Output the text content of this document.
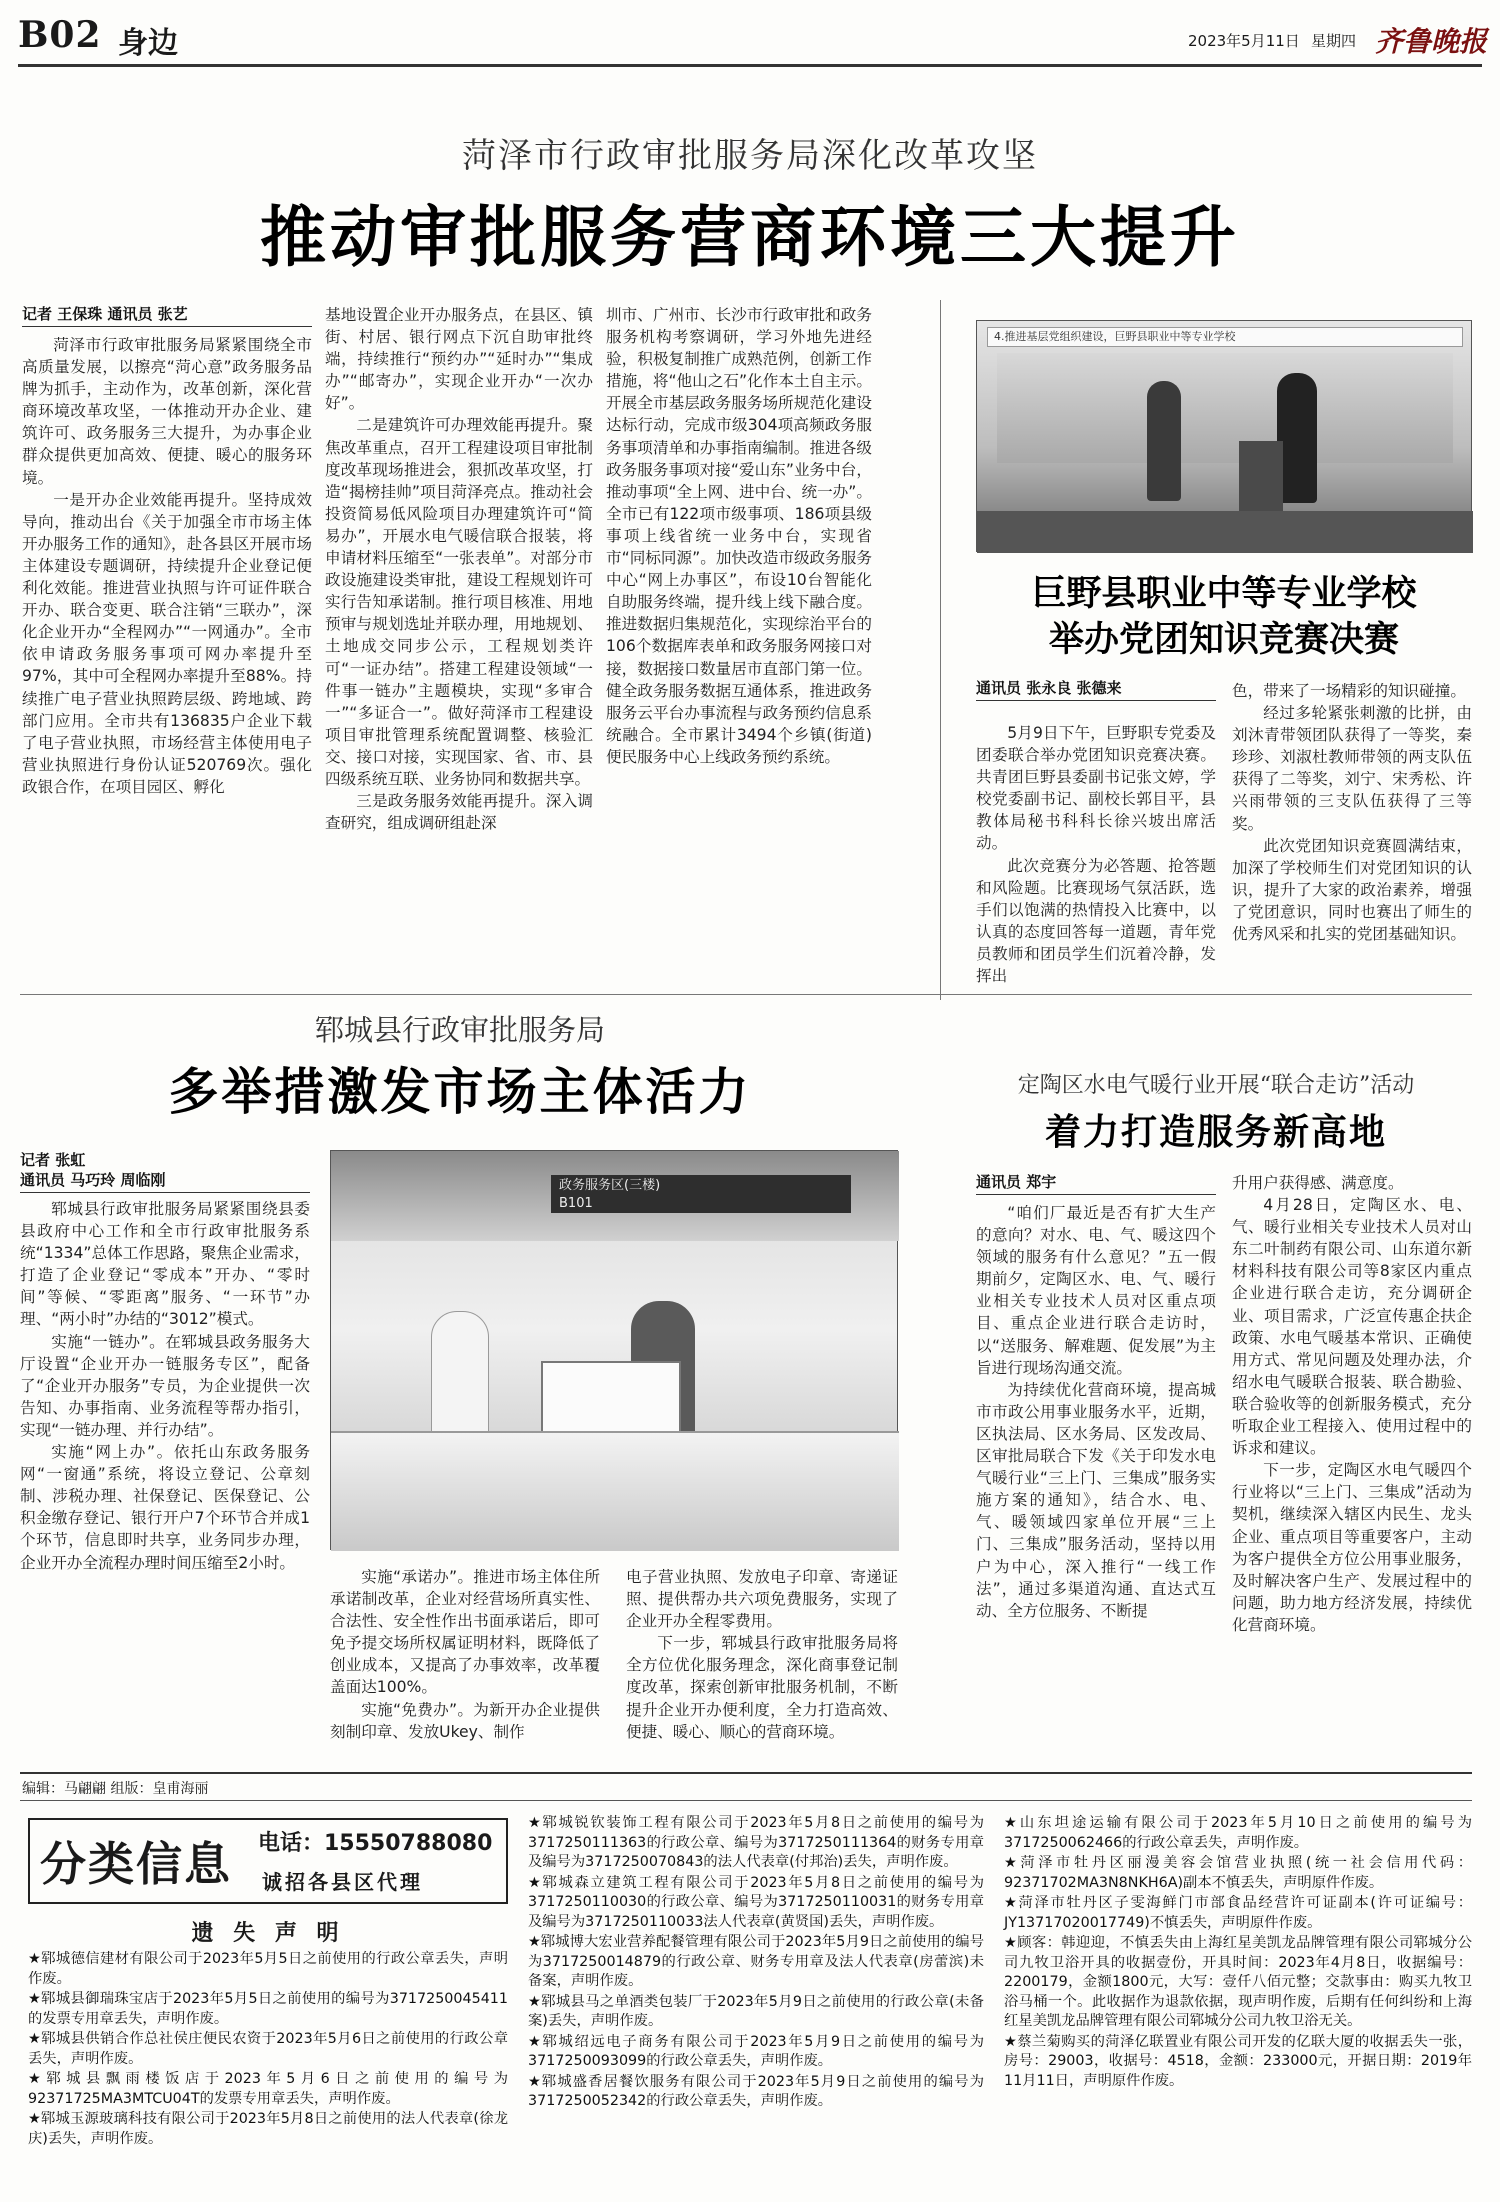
B02 身边	2023年5月11日 星期四 齐鲁晚报
菏泽市行政审批服务局深化改革攻坚
推动审批服务营商环境三大提升
记者 王保珠 通讯员 张艺

菏泽市行政审批服务局紧紧围绕全市高质量发展，以擦亮“菏心意”政务服务品牌为抓手，主动作为，改革创新，深化营商环境改革攻坚，一体推动开办企业、建筑许可、政务服务三大提升，为办事企业群众提供更加高效、便捷、暖心的服务环境。

一是开办企业效能再提升。坚持成效导向，推动出台《关于加强全市市场主体开办服务工作的通知》，赴各县区开展市场主体建设专题调研，持续提升企业登记便利化效能。推进营业执照与许可证件联合开办、联合变更、联合注销“三联办”，深化企业开办“全程网办”“一网通办”。全市依申请政务服务事项可网办率提升至97%，其中可全程网办率提升至88%。持续推广电子营业执照跨层级、跨地域、跨部门应用。全市共有136835户企业下载了电子营业执照，市场经营主体使用电子营业执照进行身份认证520769次。强化政银合作，在项目园区、孵化

基地设置企业开办服务点，在县区、镇街、村居、银行网点下沉自助审批终端，持续推行“预约办”“延时办”“集成办”“邮寄办”，实现企业开办“一次办好”。

二是建筑许可办理效能再提升。聚焦改革重点，召开工程建设项目审批制度改革现场推进会，狠抓改革攻坚，打造“揭榜挂帅”项目菏泽亮点。推动社会投资简易低风险项目办理建筑许可“简易办”，开展水电气暖信联合报装，将申请材料压缩至“一张表单”。对部分市政设施建设类审批，建设工程规划许可实行告知承诺制。推行项目核准、用地预审与规划选址并联办理，用地规划、土地成交同步公示，工程规划类许可“一证办结”。搭建工程建设领域“一件事一链办”主题模块，实现“多审合一”“多证合一”。做好菏泽市工程建设项目审批管理系统配置调整、核验汇交、接口对接，实现国家、省、市、县四级系统互联、业务协同和数据共享。

三是政务服务效能再提升。深入调查研究，组成调研组赴深

圳市、广州市、长沙市行政审批和政务服务机构考察调研，学习外地先进经验，积极复制推广成熟范例，创新工作措施，将“他山之石”化作本土自主示。开展全市基层政务服务场所规范化建设达标行动，完成市级304项高频政务服务事项清单和办事指南编制。推进各级政务服务事项对接“爱山东”业务中台，推动事项“全上网、进中台、统一办”。全市已有122项市级事项、186项县级事项上线省统一业务中台，实现省市“同标同源”。加快改造市级政务服务中心“网上办事区”，布设10台智能化自助服务终端，提升线上线下融合度。推进数据归集规范化，实现综治平台的106个数据库表单和政务服务网接口对接，数据接口数量居市直部门第一位。健全政务服务数据互通体系，推进政务服务云平台办事流程与政务预约信息系统融合。全市累计3494个乡镇(街道)便民服务中心上线政务预约系统。

4.推进基层党组织建设，巨野县职业中等专业学校
巨野县职业中等专业学校
举办党团知识竞赛决赛
通讯员 张永良 张德来

5月9日下午，巨野职专党委及团委联合举办党团知识竞赛决赛。共青团巨野县委副书记张文婷，学校党委副书记、副校长郭目平，县教体局秘书科科长徐兴坡出席活动。

此次竞赛分为必答题、抢答题和风险题。比赛现场气氛活跃，选手们以饱满的热情投入比赛中，以认真的态度回答每一道题，青年党员教师和团员学生们沉着冷静，发挥出

色，带来了一场精彩的知识碰撞。

经过多轮紧张刺激的比拼，由刘沐青带领团队获得了一等奖，秦珍珍、刘淑杜教师带领的两支队伍获得了二等奖，刘宁、宋秀松、许兴雨带领的三支队伍获得了三等奖。

此次党团知识竞赛圆满结束，加深了学校师生们对党团知识的认识，提升了大家的政治素养，增强了党团意识，同时也赛出了师生的优秀风采和扎实的党团基础知识。

郓城县行政审批服务局
多举措激发市场主体活力
记者 张虹
通讯员 马巧玲 周临刚

郓城县行政审批服务局紧紧围绕县委县政府中心工作和全市行政审批服务系统“1334”总体工作思路，聚焦企业需求，打造了企业登记“零成本”开办、“零时间”等候、“零距离”服务、“一环节”办理、“两小时”办结的“3012”模式。

实施“一链办”。在郓城县政务服务大厅设置“企业开办一链服务专区”，配备了“企业开办服务”专员，为企业提供一次告知、办事指南、业务流程等帮办指引，实现“一链办理、并行办结”。

实施“网上办”。依托山东政务服务网“一窗通”系统，将设立登记、公章刻制、涉税办理、社保登记、医保登记、公积金缴存登记、银行开户7个环节合并成1个环节，信息即时共享，业务同步办理，企业开办全流程办理时间压缩至2小时。

政务服务区(三楼)
B101

实施“承诺办”。推进市场主体住所承诺制改革，企业对经营场所真实性、合法性、安全性作出书面承诺后，即可免予提交场所权属证明材料，既降低了创业成本，又提高了办事效率，改革覆盖面达100%。

实施“免费办”。为新开办企业提供刻制印章、发放Ukey、制作

电子营业执照、发放电子印章、寄递证照、提供帮办共六项免费服务，实现了企业开办全程零费用。

下一步，郓城县行政审批服务局将全方位优化服务理念，深化商事登记制度改革，探索创新审批服务机制，不断提升企业开办便利度，全力打造高效、便捷、暖心、顺心的营商环境。

定陶区水电气暖行业开展“联合走访”活动
着力打造服务新高地
通讯员 郑宇

“咱们厂最近是否有扩大生产的意向？对水、电、气、暖这四个领域的服务有什么意见？”五一假期前夕，定陶区水、电、气、暖行业相关专业技术人员对区重点项目、重点企业进行联合走访时，以“送服务、解难题、促发展”为主旨进行现场沟通交流。

为持续优化营商环境，提高城市市政公用事业服务水平，近期，区执法局、区水务局、区发改局、区审批局联合下发《关于印发水电气暖行业“三上门、三集成”服务实施方案的通知》，结合水、电、气、暖领域四家单位开展“三上门、三集成”服务活动，坚持以用户为中心，深入推行“一线工作法”，通过多渠道沟通、直达式互动、全方位服务、不断提

升用户获得感、满意度。

4月28日，定陶区水、电、气、暖行业相关专业技术人员对山东二叶制药有限公司、山东道尔新材料科技有限公司等8家区内重点企业进行联合走访，充分调研企业、项目需求，广泛宣传惠企扶企政策、水电气暖基本常识、正确使用方式、常见问题及处理办法，介绍水电气暖联合报装、联合勘验、联合验收等的创新服务模式，充分听取企业工程接入、使用过程中的诉求和建议。

下一步，定陶区水电气暖四个行业将以“三上门、三集成”活动为契机，继续深入辖区内民生、龙头企业、重点项目等重要客户，主动为客户提供全方位公用事业服务，及时解决客户生产、发展过程中的问题，助力地方经济发展，持续优化营商环境。

编辑：马翩翩 组版：皇甫海丽
分类信息 电话：15550788080
诚招各县区代理
遗 失 声 明

★郓城德信建材有限公司于2023年5月5日之前使用的行政公章丢失，声明作废。

★郓城县御瑞珠宝店于2023年5月5日之前使用的编号为3717250045411的发票专用章丢失，声明作废。

★郓城县供销合作总社侯庄便民农资于2023年5月6日之前使用的行政公章丢失，声明作废。

★郓城县飘雨楼饭店于2023年5月6日之前使用的编号为92371725MA3MTCU04T的发票专用章丢失，声明作废。

★郓城玉源玻璃科技有限公司于2023年5月8日之前使用的法人代表章(徐龙庆)丢失，声明作废。

★郓城锐钦装饰工程有限公司于2023年5月8日之前使用的编号为3717250111363的行政公章、编号为3717250111364的财务专用章及编号为3717250070843的法人代表章(付邦治)丢失，声明作废。

★郓城森立建筑工程有限公司于2023年5月8日之前使用的编号为3717250110030的行政公章、编号为3717250110031的财务专用章及编号为3717250110033法人代表章(黄贤国)丢失，声明作废。

★郓城博大宏业营养配餐管理有限公司于2023年5月9日之前使用的编号为3717250014879的行政公章、财务专用章及法人代表章(房蕾滨)未备案，声明作废。

★郓城县马之单酒类包装厂于2023年5月9日之前使用的行政公章(未备案)丢失，声明作废。

★郓城绍远电子商务有限公司于2023年5月9日之前使用的编号为3717250093099的行政公章丢失，声明作废。

★郓城盛香居餐饮服务有限公司于2023年5月9日之前使用的编号为3717250052342的行政公章丢失，声明作废。

★山东坦途运输有限公司于2023年5月10日之前使用的编号为3717250062466的行政公章丢失，声明作废。

★菏泽市牡丹区丽漫美容会馆营业执照(统一社会信用代码：92371702MA3N8NKH6A)副本不慎丢失，声明原件作废。

★菏泽市牡丹区子雯海鲜门市部食品经营许可证副本(许可证编号：JY13717020017749)不慎丢失，声明原件作废。

★顾客：韩迎迎，不慎丢失由上海红星美凯龙品牌管理有限公司郓城分公司九牧卫浴开具的收据壹份，开具时间：2023年4月8日，收据编号：2200179，金额1800元，大写：壹仟八佰元整；交款事由：购买九牧卫浴马桶一个。此收据作为退款依据，现声明作废，后期有任何纠纷和上海红星美凯龙品牌管理有限公司郓城分公司九牧卫浴无关。

★蔡兰菊购买的菏泽亿联置业有限公司开发的亿联大厦的收据丢失一张，房号：29003，收据号：4518，金额：233000元，开据日期：2019年11月11日，声明原件作废。
